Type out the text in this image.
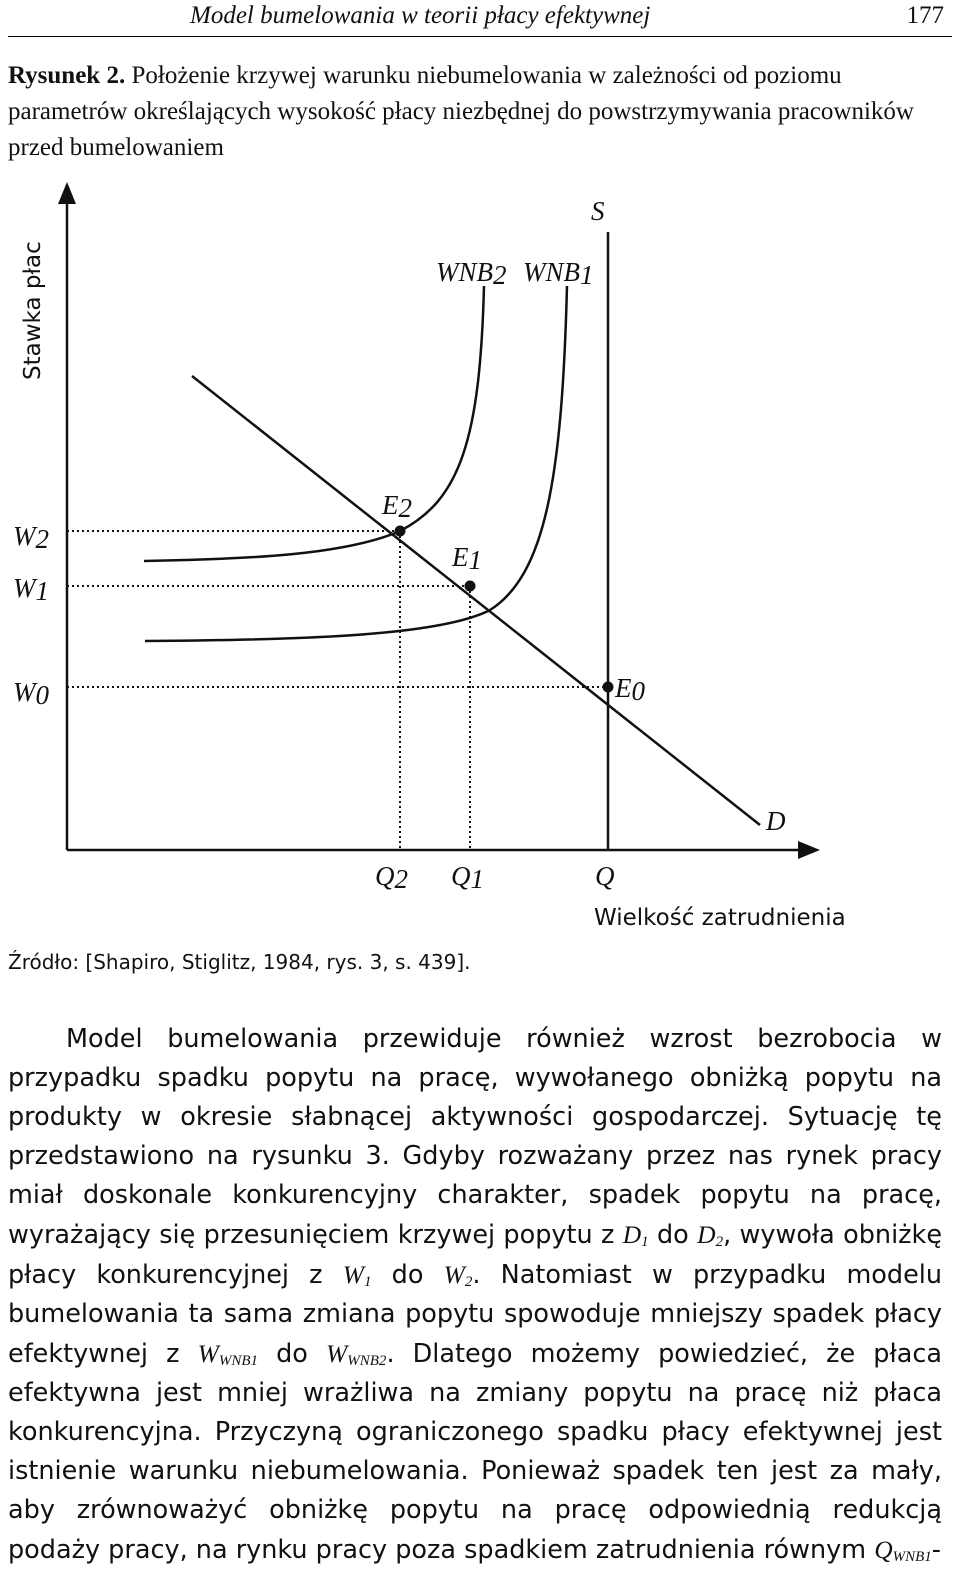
Model bumelowania w teorii płacy efektywnej	177
Rysunek 2. Położenie krzywej warunku niebumelowania w zależności od poziomu parametrów określających wysokość płacy niezbędnej do powstrzymywania pracowników przed bumelowaniem
Stawka płac
S
D
WNB2 WNB1
W2
W1
W0
E2
E1
E0
Q2 Q1	Q
Wielkość zatrudnienia
Źródło: [Shapiro, Stiglitz, 1984, rys. 3, s. 439].

Model bumelowania przewiduje również wzrost bezrobocia w przypadku spadku popytu na pracę, wywołanego obniżką popytu na produkty w okresie słabnącej aktywności gospodarczej. Sytuację tę przedstawiono na rysunku 3. Gdyby rozważany przez nas rynek pracy miał doskonale konkurencyjny charakter, spadek popytu na pracę, wyrażający się przesunięciem krzywej popytu z $D_1$ do $D_2$, wywoła obniżkę płacy konkurencyjnej z $W_1$ do $W_2$. Natomiast w przypadku modelu bumelowania ta sama zmiana popytu spowoduje mniejszy spadek płacy efektywnej z $W_{WNB1}$ do $W_{WNB2}$. Dlatego możemy powiedzieć, że płaca efektywna jest mniej wrażliwa na zmiany popytu na pracę niż płaca konkurencyjna. Przyczyną ograniczonego spadku płacy efektywnej jest istnienie warunku niebumelowania. Ponieważ spadek ten jest za mały, aby zrównoważyć obniżkę popytu na pracę odpowiednią redukcją podaży pracy, na rynku pracy poza spadkiem zatrudnienia równym $Q_{WNB1}-$
